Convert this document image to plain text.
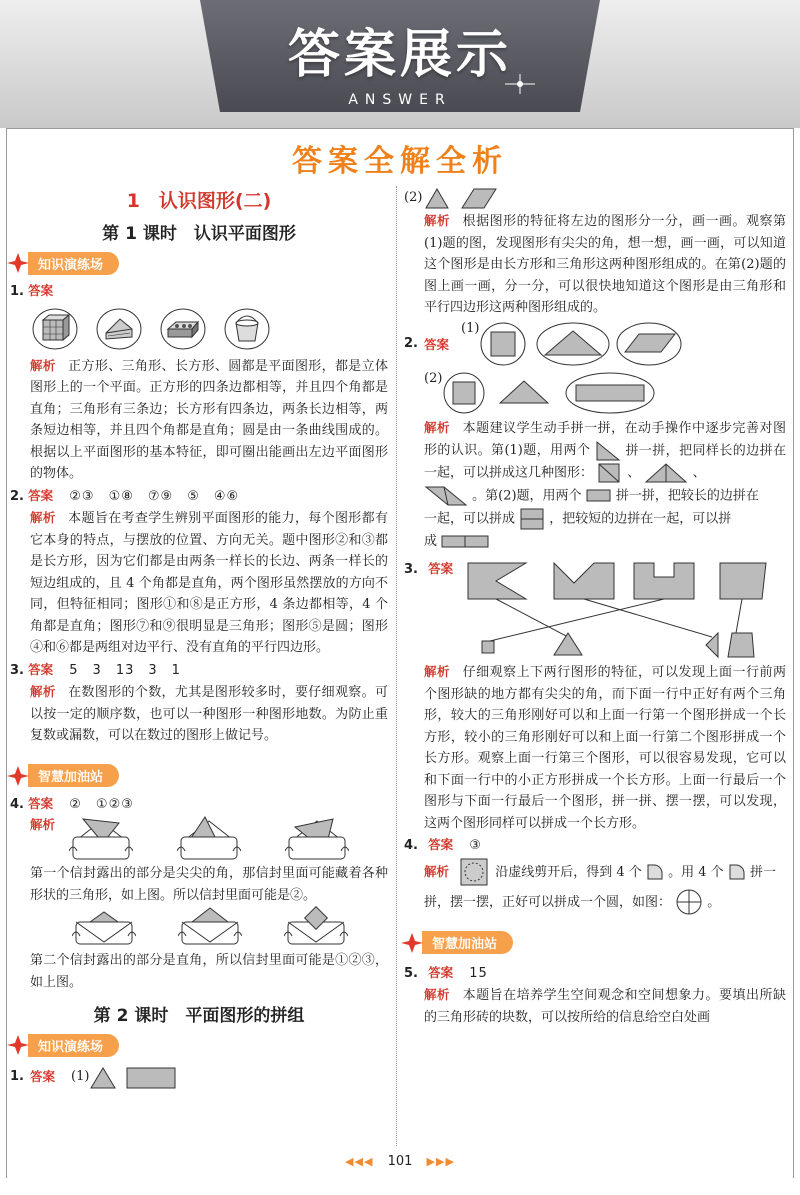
答案展示
ANSWER
答案全解全析
1　认识图形(二)
第 1 课时　认识平面图形
知识演练场
1. 答案
解析 正方形、三角形、长方形、圆都是平面图形，都是立体图形上的一个平面。正方形的四条边都相等，并且四个角都是直角；三角形有三条边；长方形有四条边，两条长边相等，两条短边相等，并且四个角都是直角；圆是由一条曲线围成的。根据以上平面图形的基本特征，即可圈出能画出左边平面图形的物体。
2. 答案 ②③　①⑧　⑦⑨　⑤　④⑥
解析 本题旨在考查学生辨别平面图形的能力，每个图形都有它本身的特点，与摆放的位置、方向无关。题中图形②和③都是长方形，因为它们都是由两条一样长的长边、两条一样长的短边组成的，且 4 个角都是直角，两个图形虽然摆放的方向不同，但特征相同；图形①和⑧是正方形，4 条边都相等，4 个角都是直角；图形⑦和⑨很明显是三角形；图形⑤是圆；图形④和⑥都是两组对边平行、没有直角的平行四边形。
3. 答案 5　3　13　3　1
解析 在数图形的个数，尤其是图形较多时，要仔细观察。可以按一定的顺序数，也可以一种图形一种图形地数。为防止重复数或漏数，可以在数过的图形上做记号。
智慧加油站
4. 答案 ②　①②③
解析
第一个信封露出的部分是尖尖的角，那信封里面可能藏着各种形状的三角形，如上图。所以信封里面可能是②。
第二个信封露出的部分是直角，所以信封里面可能是①②③，如上图。
第 2 课时　平面图形的拼组
知识演练场
1. 答案 (1)
(2)
解析 根据图形的特征将左边的图形分一分，画一画。观察第(1)题的图，发现图形有尖尖的角，想一想，画一画，可以知道这个图形是由长方形和三角形这两种图形组成的。在第(2)题的图上画一画，分一分，可以很快地知道这个图形是由三角形和平行四边形这两种图形组成的。
2. 答案
(1)
(2)
解析 本题建议学生动手拼一拼，在动手操作中逐步完善对图形的认识。第(1)题，用两个	拼一拼，把同样长的边拼在一起，可以拼成这几种图形：	、	、
。第(2)题，用两个	拼一拼，把较长的边拼在
一起，可以拼成	，把较短的边拼在一起，可以拼
成
3. 答案
解析 仔细观察上下两行图形的特征，可以发现上面一行前两个图形缺的地方都有尖尖的角，而下面一行中正好有两个三角形，较大的三角形刚好可以和上面一行第一个图形拼成一个长方形，较小的三角形刚好可以和上面一行第二个图形拼成一个长方形。观察上面一行第三个图形，可以很容易发现，它可以和下面一行中的小正方形拼成一个长方形。上面一行最后一个图形与下面一行最后一个图形，拼一拼、摆一摆，可以发现，这两个图形同样可以拼成一个长方形。
4. 答案 ③
解析	沿虚线剪开后，得到 4 个 。用 4 个 拼一
拼，摆一摆，正好可以拼成一个圆，如图：	。
智慧加油站
5. 答案 15
解析 本题旨在培养学生空间观念和空间想象力。要填出所缺的三角形砖的块数，可以按所给的信息给空白处画
◀◀◀ 101 ▶▶▶
